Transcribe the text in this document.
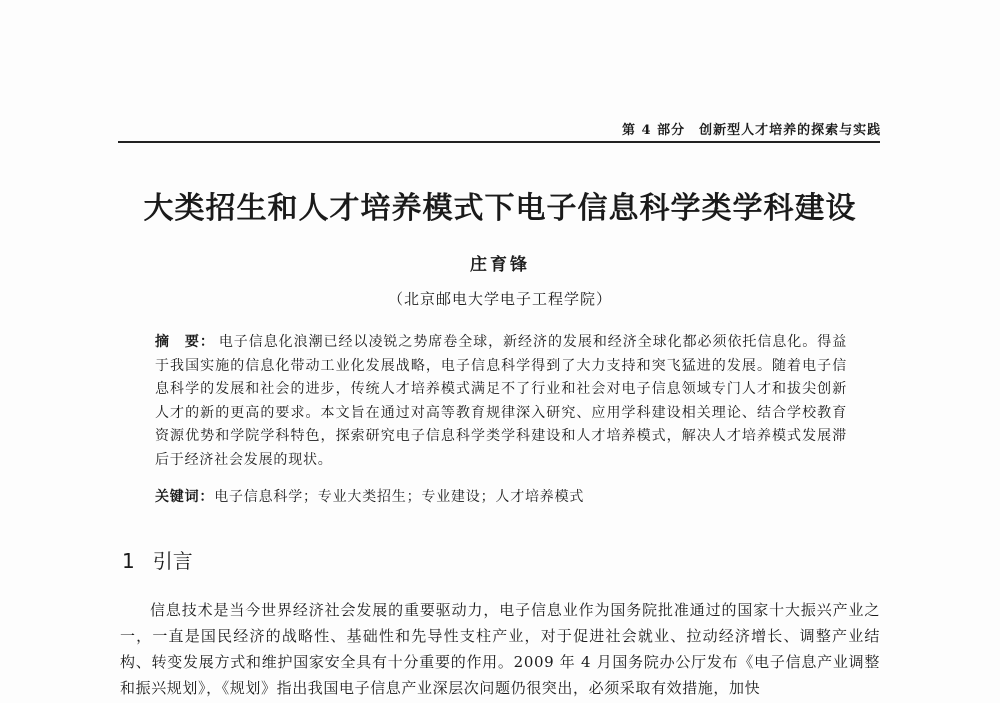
第 4 部分　创新型人才培养的探索与实践
大类招生和人才培养模式下电子信息科学类学科建设
庄育锋
（北京邮电大学电子工程学院）
摘　要： 电子信息化浪潮已经以凌锐之势席卷全球，新经济的发展和经济全球化都必须依托信息化。得益于我国实施的信息化带动工业化发展战略，电子信息科学得到了大力支持和突飞猛进的发展。随着电子信息科学的发展和社会的进步，传统人才培养模式满足不了行业和社会对电子信息领域专门人才和拔尖创新人才的新的更高的要求。本文旨在通过对高等教育规律深入研究、应用学科建设相关理论、结合学校教育资源优势和学院学科特色，探索研究电子信息科学类学科建设和人才培养模式，解决人才培养模式发展滞后于经济社会发展的现状。
关键词：电子信息科学；专业大类招生；专业建设；人才培养模式
1 引言
信息技术是当今世界经济社会发展的重要驱动力，电子信息业作为国务院批准通过的国家十大振兴产业之一，一直是国民经济的战略性、基础性和先导性支柱产业，对于促进社会就业、拉动经济增长、调整产业结构、转变发展方式和维护国家安全具有十分重要的作用。2009 年 4 月国务院办公厅发布《电子信息产业调整和振兴规划》，《规划》指出我国电子信息产业深层次问题仍很突出，必须采取有效措施，加快
